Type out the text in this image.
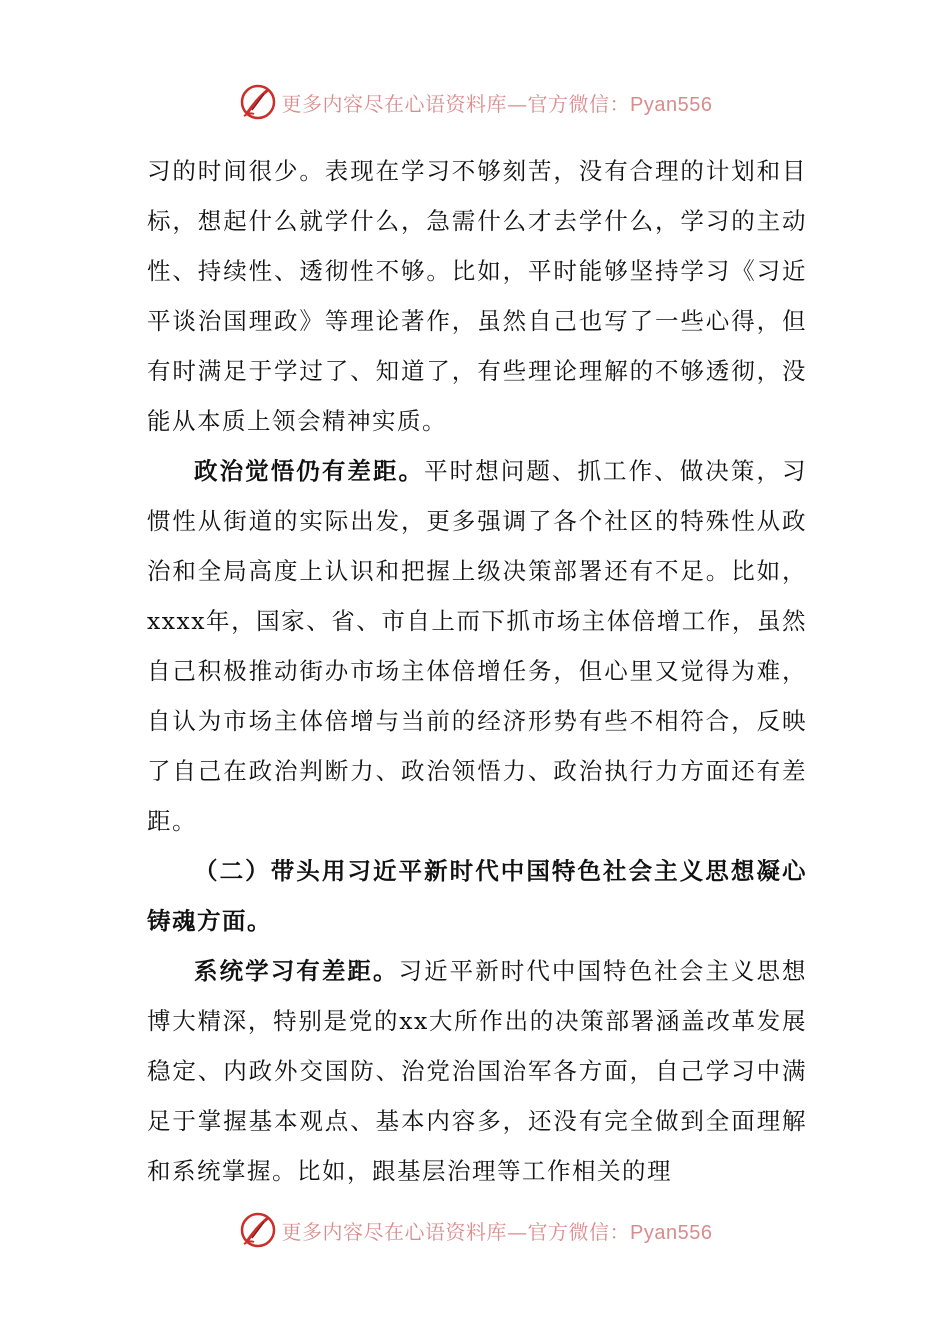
更多内容尽在心语资料库—官方微信：Pyan556

习的时间很少。表现在学习不够刻苦，没有合理的计划和目标，想起什么就学什么，急需什么才去学什么，学习的主动性、持续性、透彻性不够。比如，平时能够坚持学习《习近平谈治国理政》等理论著作，虽然自己也写了一些心得，但有时满足于学过了、知道了，有些理论理解的不够透彻，没能从本质上领会精神实质。

政治觉悟仍有差距。平时想问题、抓工作、做决策，习惯性从街道的实际出发，更多强调了各个社区的特殊性从政治和全局高度上认识和把握上级决策部署还有不足。比如，xxxx年，国家、省、市自上而下抓市场主体倍增工作，虽然自己积极推动街办市场主体倍增任务，但心里又觉得为难，自认为市场主体倍增与当前的经济形势有些不相符合，反映了自己在政治判断力、政治领悟力、政治执行力方面还有差距。

（二）带头用习近平新时代中国特色社会主义思想凝心铸魂方面。

系统学习有差距。习近平新时代中国特色社会主义思想博大精深，特别是党的xx大所作出的决策部署涵盖改革发展稳定、内政外交国防、治党治国治军各方面，自己学习中满足于掌握基本观点、基本内容多，还没有完全做到全面理解和系统掌握。比如，跟基层治理等工作相关的理

更多内容尽在心语资料库—官方微信：Pyan556
